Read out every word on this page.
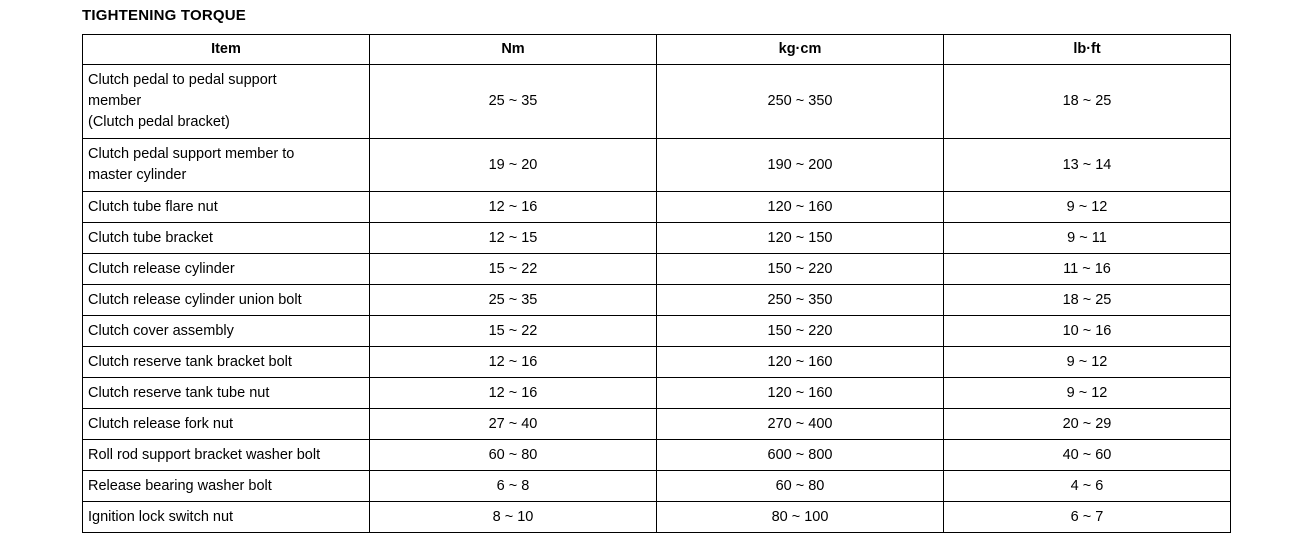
TIGHTENING TORQUE
Item	Nm	kg·cm	lb·ft

Clutch pedal to pedal support
member
(Clutch pedal bracket)	25 ~ 35	250 ~ 350	18 ~ 25

Clutch pedal support member to
master cylinder	19 ~ 20	190 ~ 200	13 ~ 14
Clutch tube flare nut	12 ~ 16	120 ~ 160	9 ~ 12
Clutch tube bracket	12 ~ 15	120 ~ 150	9 ~ 11
Clutch release cylinder	15 ~ 22	150 ~ 220	11 ~ 16
Clutch release cylinder union bolt	25 ~ 35	250 ~ 350	18 ~ 25
Clutch cover assembly	15 ~ 22	150 ~ 220	10 ~ 16
Clutch reserve tank bracket bolt	12 ~ 16	120 ~ 160	9 ~ 12
Clutch reserve tank tube nut	12 ~ 16	120 ~ 160	9 ~ 12
Clutch release fork nut	27 ~ 40	270 ~ 400	20 ~ 29
Roll rod support bracket washer bolt	60 ~ 80	600 ~ 800	40 ~ 60
Release bearing washer bolt	6 ~ 8	60 ~ 80	4 ~ 6
Ignition lock switch nut	8 ~ 10	80 ~ 100	6 ~ 7
